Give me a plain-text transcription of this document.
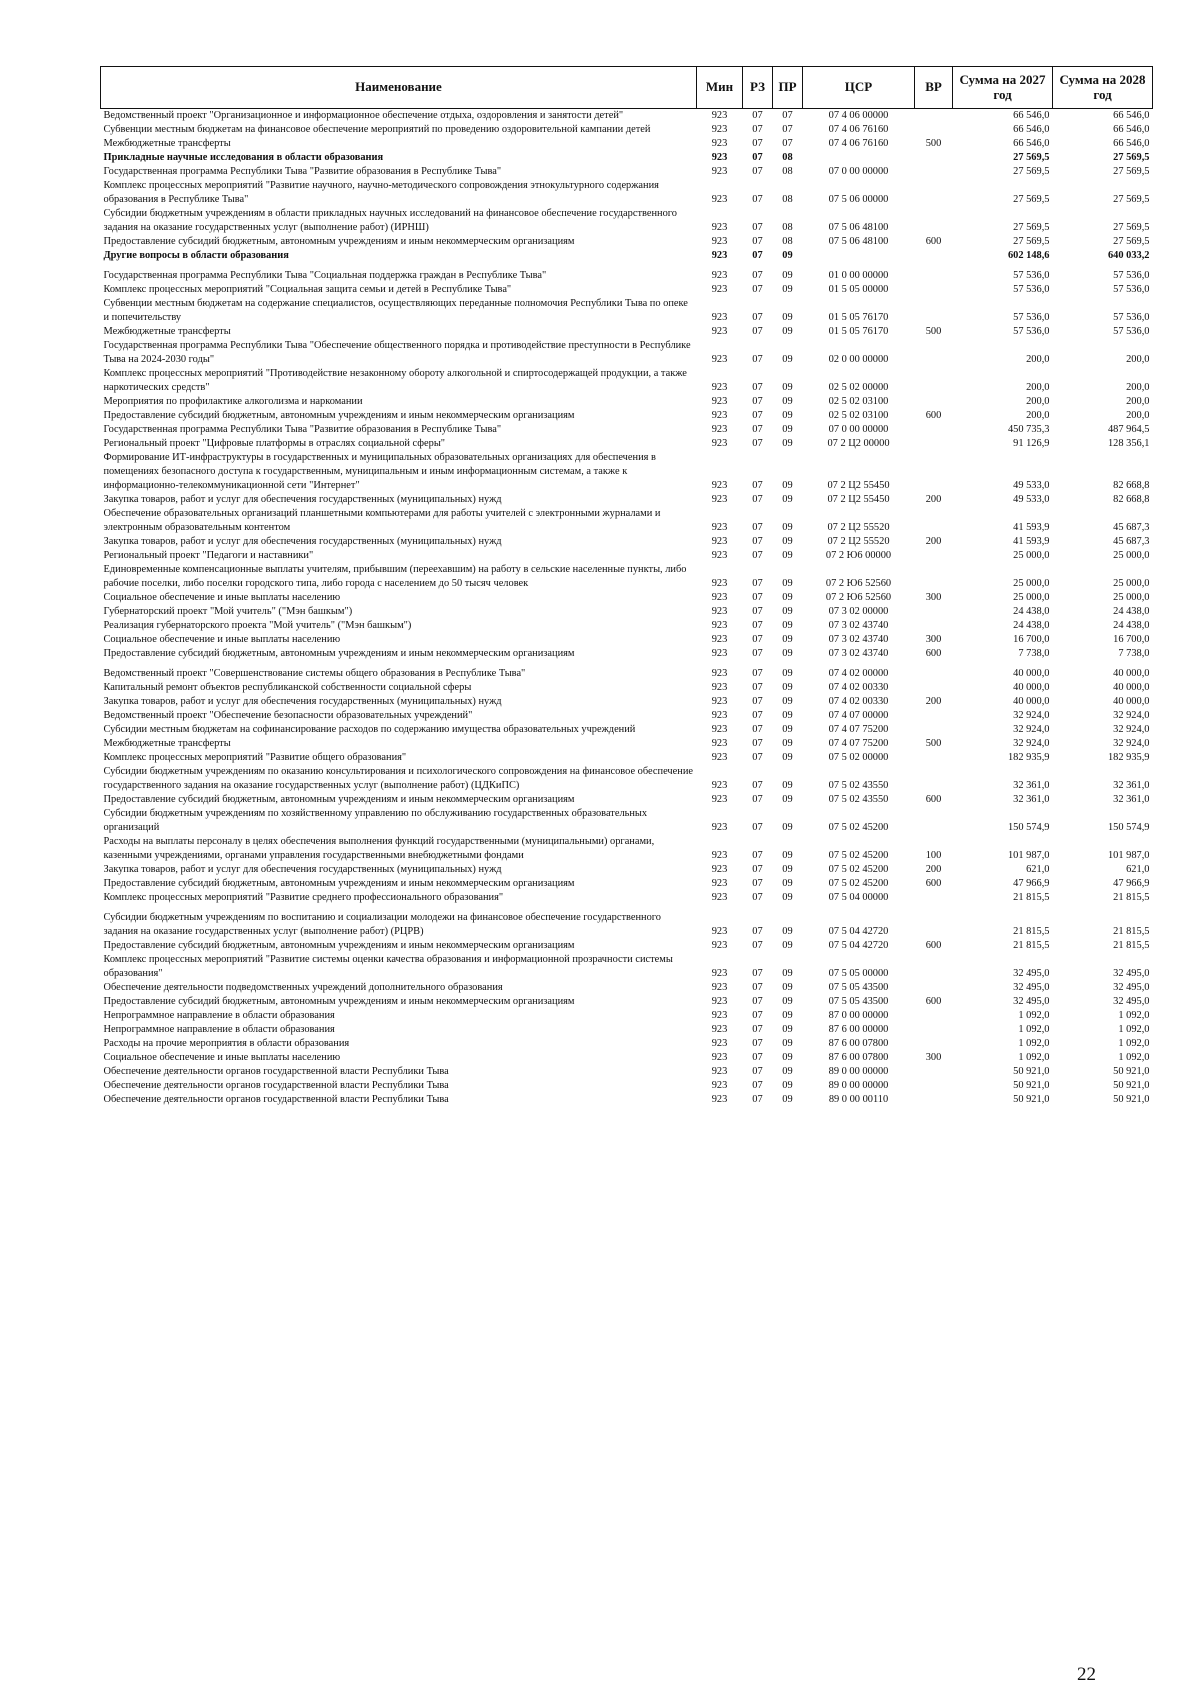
Наименование	Мин	РЗ	ПР	ЦСР	ВР	Сумма на 2027 год	Сумма на 2028 год
Ведомственный проект "Организационное и информационное обеспечение отдыха, оздоровления и занятости детей"	923	07	07	07 4 06 00000		66 546,0	66 546,0
Субвенции местным бюджетам на финансовое обеспечение мероприятий по проведению оздоровительной кампании детей	923	07	07	07 4 06 76160		66 546,0	66 546,0
Межбюджетные трансферты	923	07	07	07 4 06 76160	500	66 546,0	66 546,0
Прикладные научные исследования в области образования	923	07	08			27 569,5	27 569,5
Государственная программа Республики Тыва "Развитие образования в Республике Тыва"	923	07	08	07 0 00 00000		27 569,5	27 569,5
Комплекс процессных мероприятий "Развитие научного, научно-методического сопровождения этнокультурного содержания образования в Республике Тыва"	923	07	08	07 5 06 00000		27 569,5	27 569,5
Субсидии бюджетным учреждениям в области прикладных научных исследований на финансовое обеспечение государственного задания на оказание государственных услуг (выполнение работ) (ИРНШ)	923	07	08	07 5 06 48100		27 569,5	27 569,5
Предоставление субсидий бюджетным, автономным учреждениям и иным некоммерческим организациям	923	07	08	07 5 06 48100	600	27 569,5	27 569,5
Другие вопросы в области образования	923	07	09			602 148,6	640 033,2
Государственная программа Республики Тыва "Социальная поддержка граждан в Республике Тыва"	923	07	09	01 0 00 00000		57 536,0	57 536,0
Комплекс процессных мероприятий "Социальная защита семьи и детей в Республике Тыва"	923	07	09	01 5 05 00000		57 536,0	57 536,0
Субвенции местным бюджетам на содержание специалистов, осуществляющих переданные полномочия Республики Тыва по опеке и попечительству	923	07	09	01 5 05 76170		57 536,0	57 536,0
Межбюджетные трансферты	923	07	09	01 5 05 76170	500	57 536,0	57 536,0
Государственная программа Республики Тыва "Обеспечение общественного порядка и противодействие преступности в Республике Тыва на 2024-2030 годы"	923	07	09	02 0 00 00000		200,0	200,0
Комплекс процессных мероприятий "Противодействие незаконному обороту алкогольной и спиртосодержащей продукции, а также наркотических средств"	923	07	09	02 5 02 00000		200,0	200,0
Мероприятия по профилактике алкоголизма и наркомании	923	07	09	02 5 02 03100		200,0	200,0
Предоставление субсидий бюджетным, автономным учреждениям и иным некоммерческим организациям	923	07	09	02 5 02 03100	600	200,0	200,0
Государственная программа Республики Тыва "Развитие образования в Республике Тыва"	923	07	09	07 0 00 00000		450 735,3	487 964,5
Региональный проект "Цифровые платформы в отраслях социальной сферы"	923	07	09	07 2 Ц2 00000		91 126,9	128 356,1
Формирование ИТ-инфраструктуры в государственных и муниципальных образовательных организациях для обеспечения в помещениях безопасного доступа к государственным, муниципальным и иным информационным системам, а также к информационно-телекоммуникационной сети "Интернет"	923	07	09	07 2 Ц2 55450		49 533,0	82 668,8
Закупка товаров, работ и услуг для обеспечения государственных (муниципальных) нужд	923	07	09	07 2 Ц2 55450	200	49 533,0	82 668,8
Обеспечение образовательных организаций планшетными компьютерами для работы учителей с электронными журналами и электронным образовательным контентом	923	07	09	07 2 Ц2 55520		41 593,9	45 687,3
Закупка товаров, работ и услуг для обеспечения государственных (муниципальных) нужд	923	07	09	07 2 Ц2 55520	200	41 593,9	45 687,3
Региональный проект "Педагоги и наставники"	923	07	09	07 2 Ю6 00000		25 000,0	25 000,0
Единовременные компенсационные выплаты учителям, прибывшим (переехавшим) на работу в сельские населенные пункты, либо рабочие поселки, либо поселки городского типа, либо города с населением до 50 тысяч человек	923	07	09	07 2 Ю6 52560		25 000,0	25 000,0
Социальное обеспечение и иные выплаты населению	923	07	09	07 2 Ю6 52560	300	25 000,0	25 000,0
Губернаторский проект "Мой учитель" ("Мэн башкым")	923	07	09	07 3 02 00000		24 438,0	24 438,0
Реализация губернаторского проекта "Мой учитель" ("Мэн башкым")	923	07	09	07 3 02 43740		24 438,0	24 438,0
Социальное обеспечение и иные выплаты населению	923	07	09	07 3 02 43740	300	16 700,0	16 700,0
Предоставление субсидий бюджетным, автономным учреждениям и иным некоммерческим организациям	923	07	09	07 3 02 43740	600	7 738,0	7 738,0
Ведомственный проект "Совершенствование системы общего образования в Республике Тыва"	923	07	09	07 4 02 00000		40 000,0	40 000,0
Капитальный ремонт объектов республиканской собственности социальной сферы	923	07	09	07 4 02 00330		40 000,0	40 000,0
Закупка товаров, работ и услуг для обеспечения государственных (муниципальных) нужд	923	07	09	07 4 02 00330	200	40 000,0	40 000,0
Ведомственный проект "Обеспечение безопасности образовательных учреждений"	923	07	09	07 4 07 00000		32 924,0	32 924,0
Субсидии местным бюджетам на софинансирование расходов по содержанию имущества образовательных учреждений	923	07	09	07 4 07 75200		32 924,0	32 924,0
Межбюджетные трансферты	923	07	09	07 4 07 75200	500	32 924,0	32 924,0
Комплекс процессных мероприятий "Развитие общего образования"	923	07	09	07 5 02 00000		182 935,9	182 935,9
Субсидии бюджетным учреждениям по оказанию консультирования и психологического сопровождения на финансовое обеспечение государственного задания на оказание государственных услуг (выполнение работ) (ЦДКиПС)	923	07	09	07 5 02 43550		32 361,0	32 361,0
Предоставление субсидий бюджетным, автономным учреждениям и иным некоммерческим организациям	923	07	09	07 5 02 43550	600	32 361,0	32 361,0
Субсидии бюджетным учреждениям по хозяйственному управлению по обслуживанию государственных образовательных организаций	923	07	09	07 5 02 45200		150 574,9	150 574,9
Расходы на выплаты персоналу в целях обеспечения выполнения функций государственными (муниципальными) органами, казенными учреждениями, органами управления государственными внебюджетными фондами	923	07	09	07 5 02 45200	100	101 987,0	101 987,0
Закупка товаров, работ и услуг для обеспечения государственных (муниципальных) нужд	923	07	09	07 5 02 45200	200	621,0	621,0
Предоставление субсидий бюджетным, автономным учреждениям и иным некоммерческим организациям	923	07	09	07 5 02 45200	600	47 966,9	47 966,9
Комплекс процессных мероприятий "Развитие среднего профессионального образования"	923	07	09	07 5 04 00000		21 815,5	21 815,5
Субсидии бюджетным учреждениям по воспитанию и социализации молодежи на финансовое обеспечение государственного задания на оказание государственных услуг (выполнение работ) (РЦРВ)	923	07	09	07 5 04 42720		21 815,5	21 815,5
Предоставление субсидий бюджетным, автономным учреждениям и иным некоммерческим организациям	923	07	09	07 5 04 42720	600	21 815,5	21 815,5
Комплекс процессных мероприятий "Развитие системы оценки качества образования и информационной прозрачности системы образования"	923	07	09	07 5 05 00000		32 495,0	32 495,0
Обеспечение деятельности подведомственных учреждений дополнительного образования	923	07	09	07 5 05 43500		32 495,0	32 495,0
Предоставление субсидий бюджетным, автономным учреждениям и иным некоммерческим организациям	923	07	09	07 5 05 43500	600	32 495,0	32 495,0
Непрограммное направление в области образования	923	07	09	87 0 00 00000		1 092,0	1 092,0
Непрограммное направление в области образования	923	07	09	87 6 00 00000		1 092,0	1 092,0
Расходы на прочие мероприятия в области образования	923	07	09	87 6 00 07800		1 092,0	1 092,0
Социальное обеспечение и иные выплаты населению	923	07	09	87 6 00 07800	300	1 092,0	1 092,0
Обеспечение деятельности органов государственной власти Республики Тыва	923	07	09	89 0 00 00000		50 921,0	50 921,0
Обеспечение деятельности органов государственной власти Республики Тыва	923	07	09	89 0 00 00000		50 921,0	50 921,0
Обеспечение деятельности органов государственной власти Республики Тыва	923	07	09	89 0 00 00110		50 921,0	50 921,0
22
